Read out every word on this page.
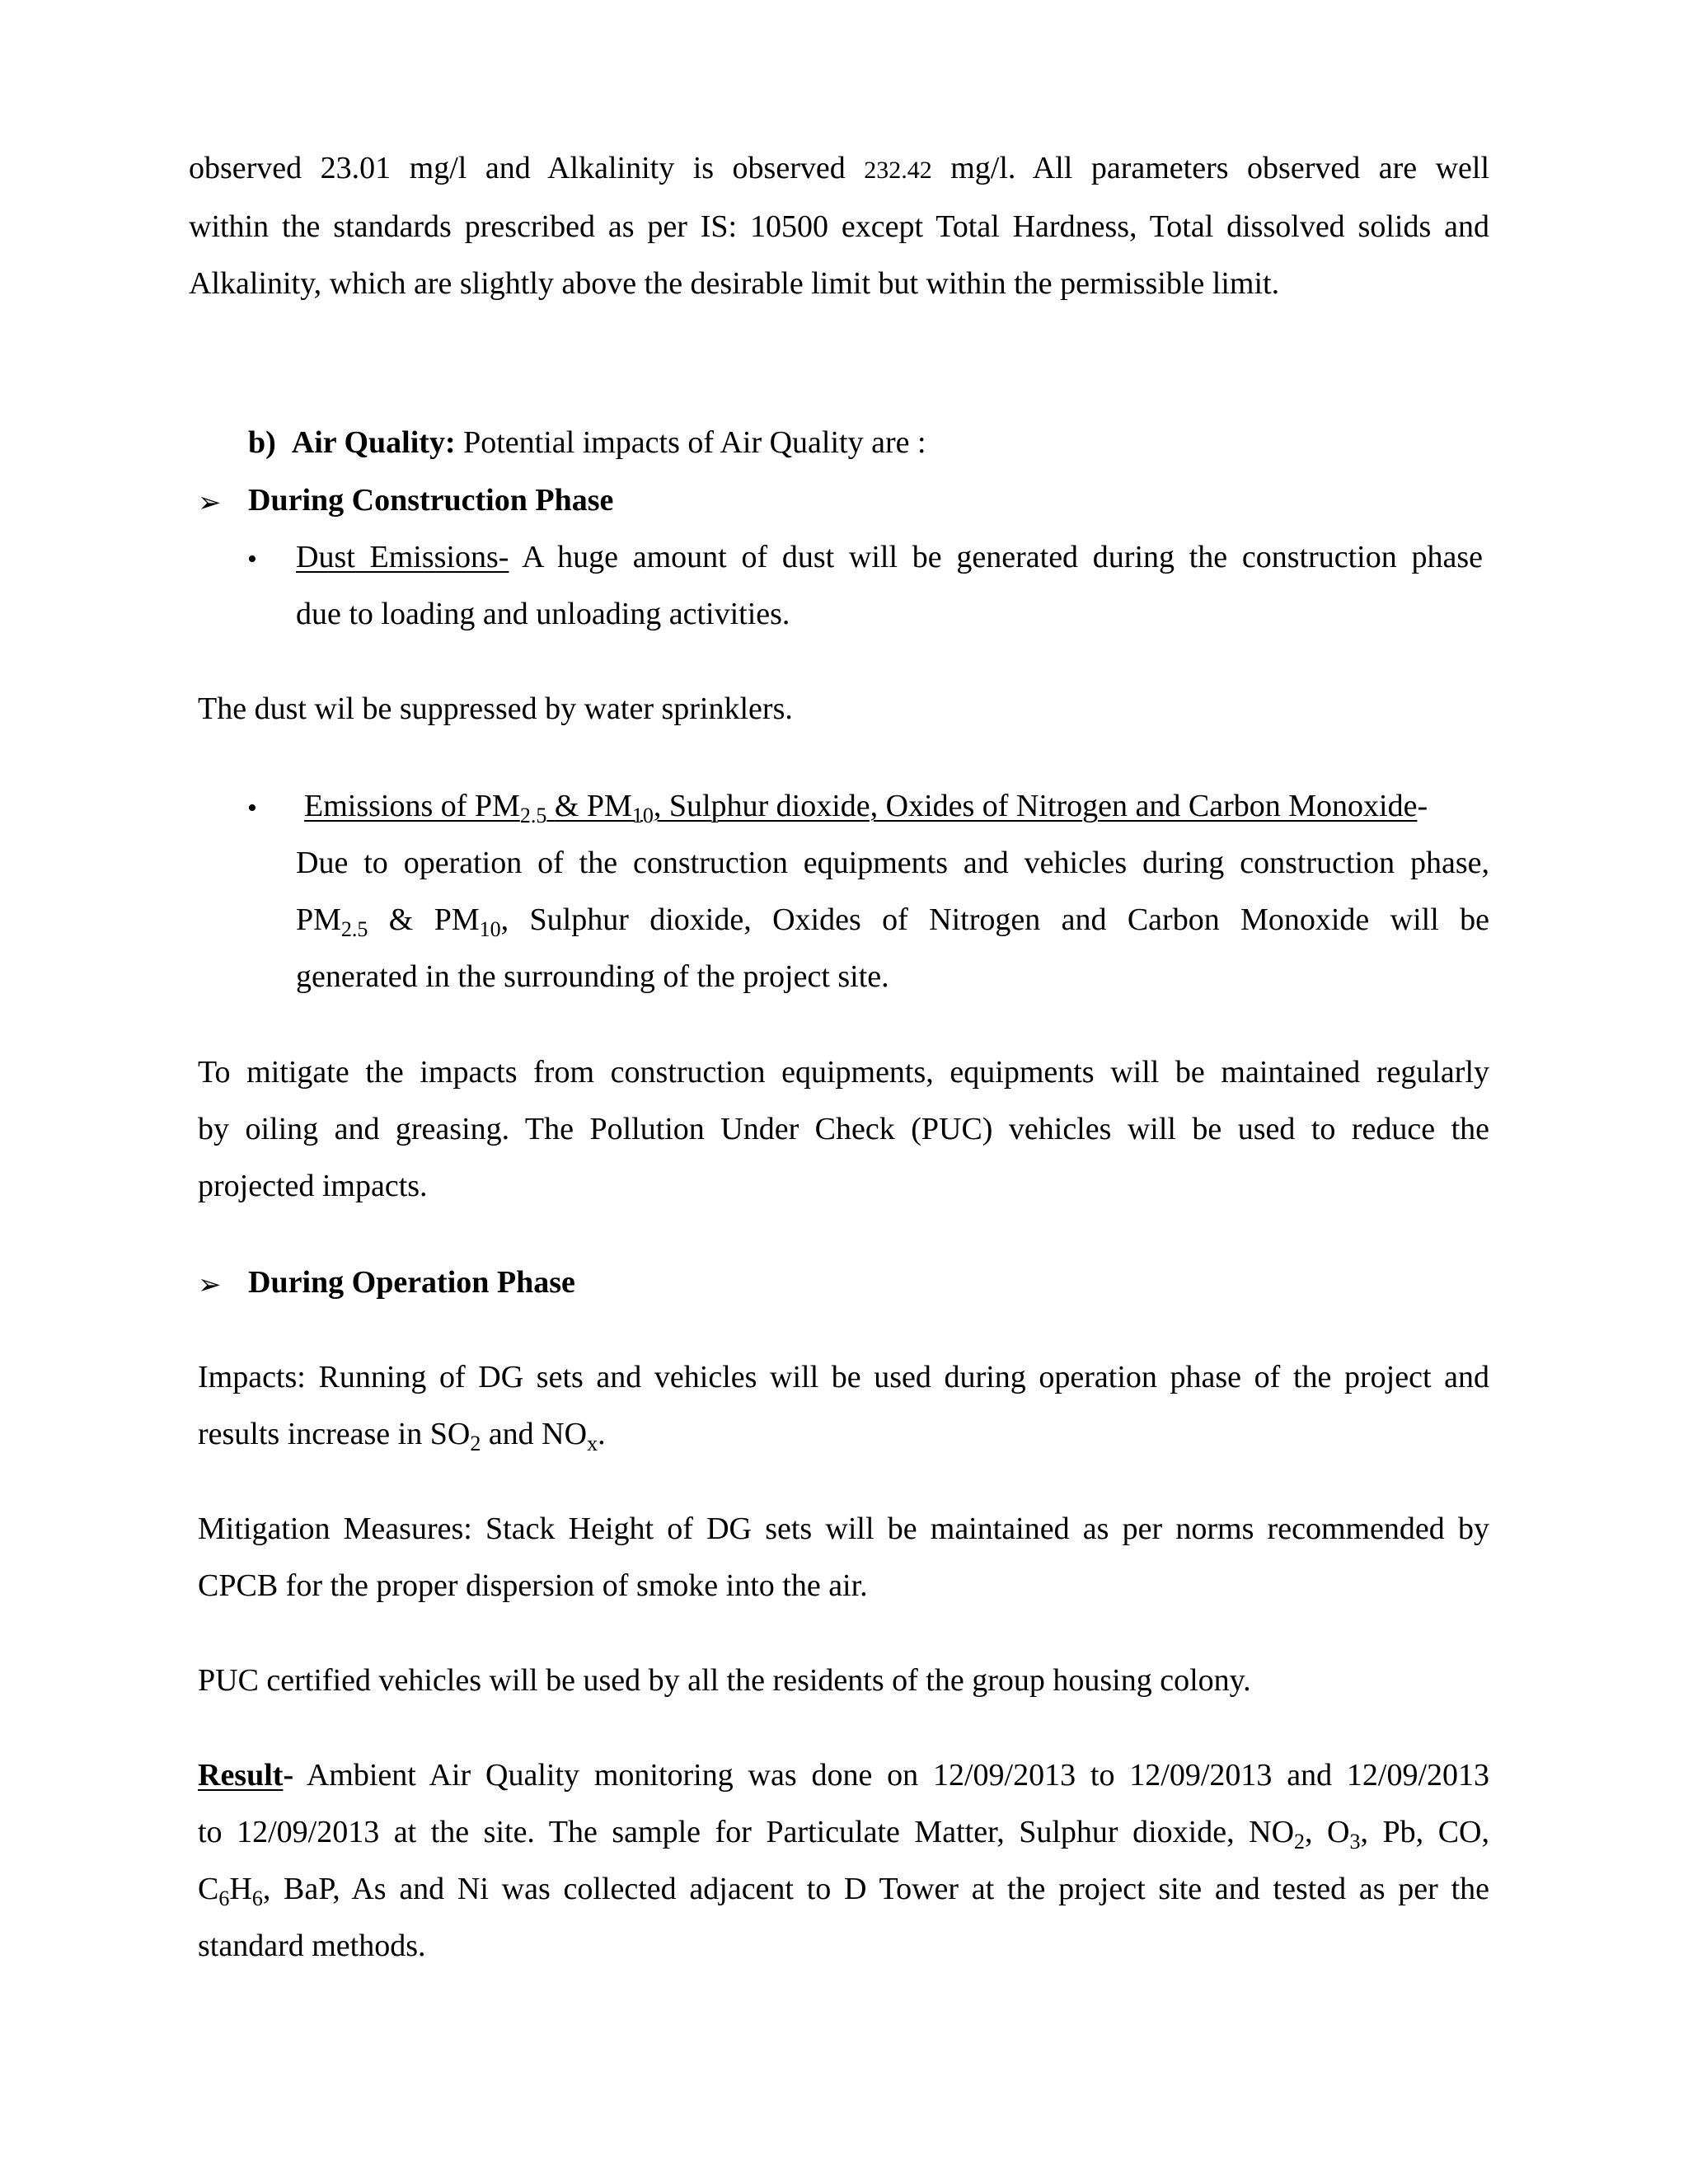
observed 23.01 mg/l and Alkalinity is observed 232.42 mg/l. All parameters observed are well
within the standards prescribed as per IS: 10500 except Total Hardness, Total dissolved solids and
Alkalinity, which are slightly above the desirable limit but within the permissible limit.
b) Air Quality: Potential impacts of Air Quality are :
➢ During Construction Phase
• Dust Emissions- A huge amount of dust will be generated during the construction phase
due to loading and unloading activities.
The dust wil be suppressed by water sprinklers.
• Emissions of $PM_{2.5}$ & $PM_{10}$, Sulphur dioxide, Oxides of Nitrogen and Carbon Monoxide-
Due to operation of the construction equipments and vehicles during construction phase,
$PM_{2.5}$ & $PM_{10}$, Sulphur dioxide, Oxides of Nitrogen and Carbon Monoxide will be
generated in the surrounding of the project site.
To mitigate the impacts from construction equipments, equipments will be maintained regularly
by oiling and greasing. The Pollution Under Check (PUC) vehicles will be used to reduce the
projected impacts.
➢ During Operation Phase
Impacts: Running of DG sets and vehicles will be used during operation phase of the project and
results increase in $SO_2$ and $NO_x$.
Mitigation Measures: Stack Height of DG sets will be maintained as per norms recommended by
CPCB for the proper dispersion of smoke into the air.
PUC certified vehicles will be used by all the residents of the group housing colony.
Result- Ambient Air Quality monitoring was done on 12/09/2013 to 12/09/2013 and 12/09/2013
to 12/09/2013 at the site. The sample for Particulate Matter, Sulphur dioxide, $NO_2$, $O_3$, Pb, CO,
$C_6H_6$, BaP, As and Ni was collected adjacent to D Tower at the project site and tested as per the
standard methods.
